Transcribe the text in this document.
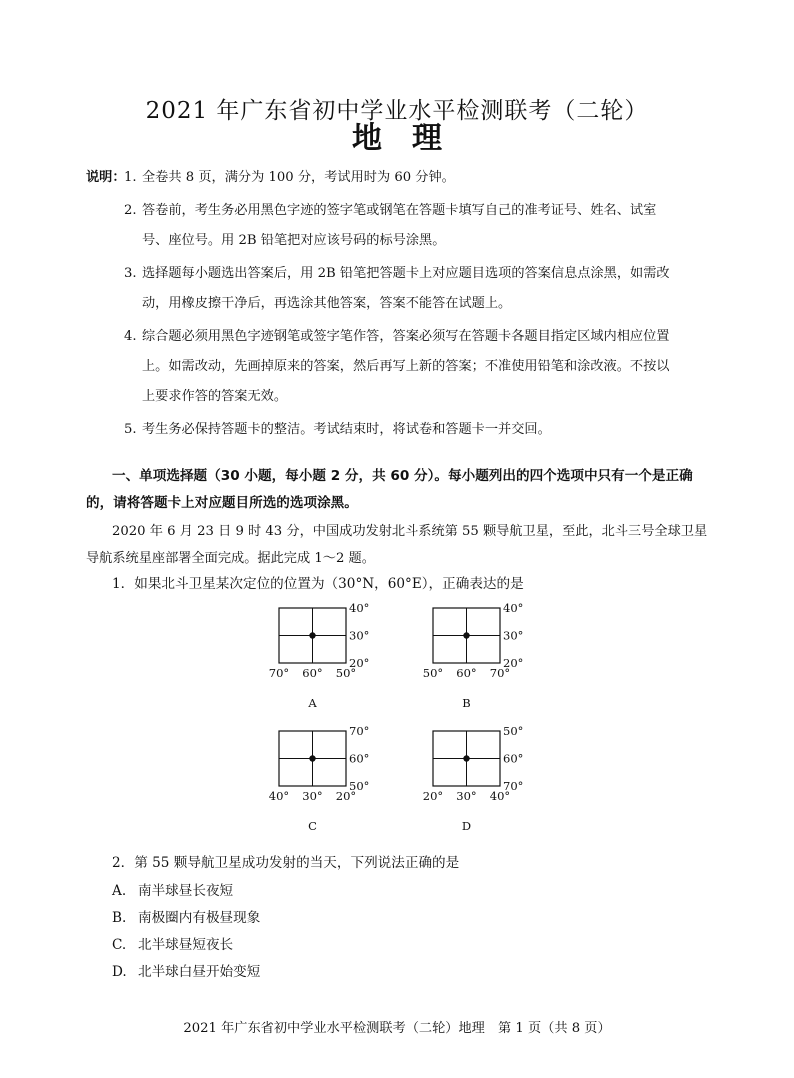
2021 年广东省初中学业水平检测联考（二轮）
地理
说明：
1. 全卷共 8 页，满分为 100 分，考试用时为 60 分钟。
2. 答卷前，考生务必用黑色字迹的签字笔或钢笔在答题卡填写自己的准考证号、姓名、试室
号、座位号。用 2B 铅笔把对应该号码的标号涂黑。
3. 选择题每小题选出答案后，用 2B 铅笔把答题卡上对应题目选项的答案信息点涂黑，如需改
动，用橡皮擦干净后，再选涂其他答案，答案不能答在试题上。
4. 综合题必须用黑色字迹钢笔或签字笔作答，答案必须写在答题卡各题目指定区域内相应位置
上。如需改动，先画掉原来的答案，然后再写上新的答案；不准使用铅笔和涂改液。不按以
上要求作答的答案无效。
5. 考生务必保持答题卡的整洁。考试结束时，将试卷和答题卡一并交回。
一、单项选择题（30 小题，每小题 2 分，共 60 分）。每小题列出的四个选项中只有一个是正确
的，请将答题卡上对应题目所选的选项涂黑。
2020 年 6 月 23 日 9 时 43 分，中国成功发射北斗系统第 55 颗导航卫星，至此，北斗三号全球卫星
导航系统星座部署全面完成。据此完成 1～2 题。
1．如果北斗卫星某次定位的位置为（30°N，60°E），正确表达的是
40°
30°
20°
70° 60° 50°
A
40°
30°
20°
50° 60° 70°
B
70°
60°
50°
40° 30° 20°
C
50°
60°
70°
20° 30° 40°
D
2．第 55 颗导航卫星成功发射的当天，下列说法正确的是
A. 南半球昼长夜短
B. 南极圈内有极昼现象
C. 北半球昼短夜长
D. 北半球白昼开始变短
2021 年广东省初中学业水平检测联考（二轮）地理　第 1 页（共 8 页）
